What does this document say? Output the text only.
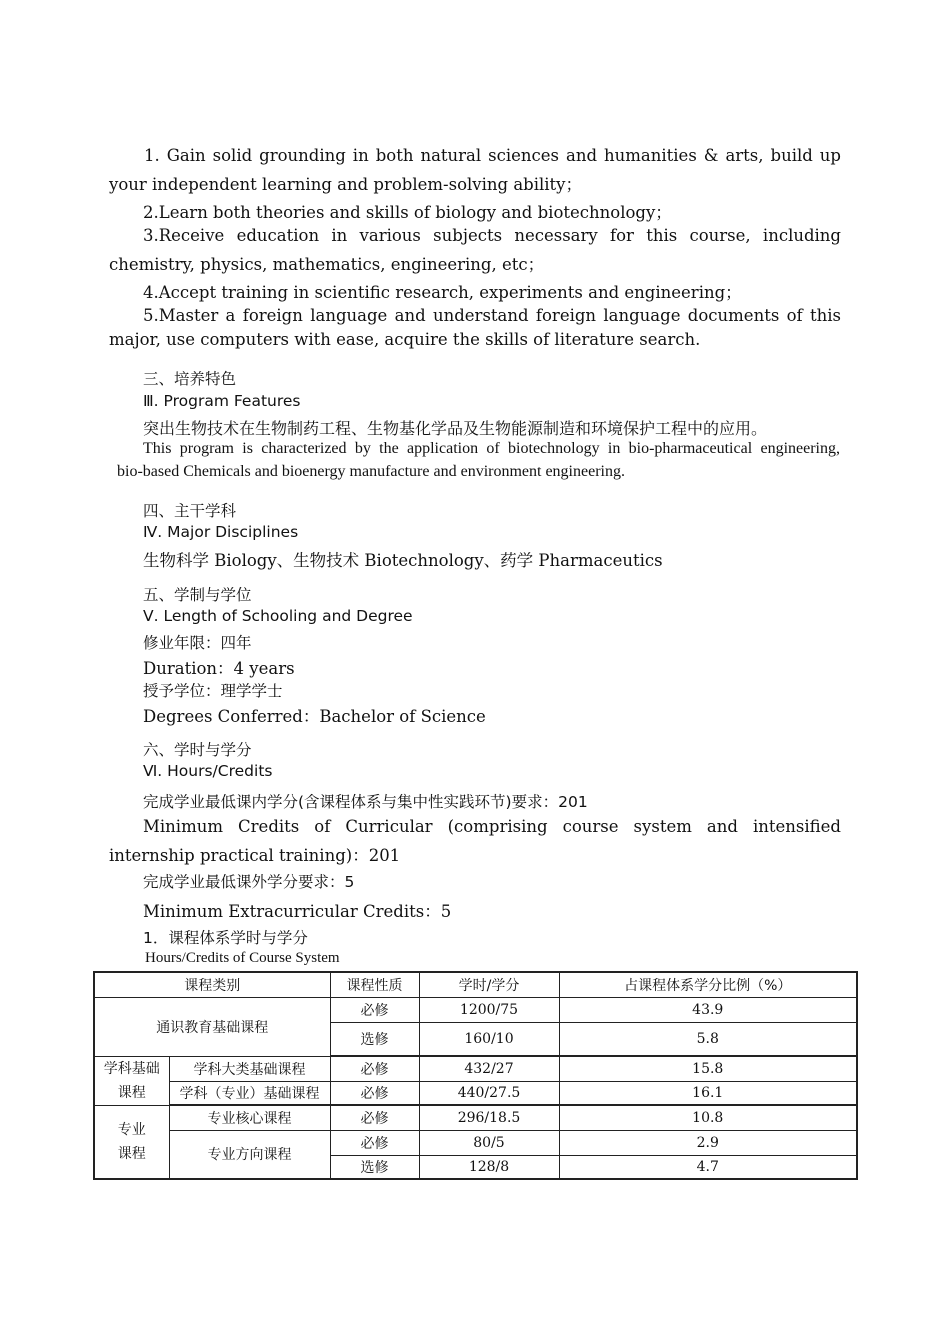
1. Gain solid grounding in both natural sciences and humanities & arts, build up
your independent learning and problem-solving ability；
2.Learn both theories and skills of biology and biotechnology；
3.Receive education in various subjects necessary for this course, including
chemistry, physics, mathematics, engineering, etc；
4.Accept training in scientific research, experiments and engineering；
5.Master a foreign language and understand foreign language documents of this
major, use computers with ease, acquire the skills of literature search.
三、培养特色
Ⅲ. Program Features
突出生物技术在生物制药工程、生物基化学品及生物能源制造和环境保护工程中的应用。
This program is characterized by the application of biotechnology in bio-pharmaceutical engineering,
bio-based Chemicals and bioenergy manufacture and environment engineering.
四、主干学科
Ⅳ. Major Disciplines
生物科学 Biology、生物技术 Biotechnology、药学 Pharmaceutics
五、学制与学位
Ⅴ. Length of Schooling and Degree
修业年限：四年
Duration：4 years
授予学位：理学学士
Degrees Conferred：Bachelor of Science
六、学时与学分
Ⅵ. Hours/Credits
完成学业最低课内学分(含课程体系与集中性实践环节)要求：201
Minimum Credits of Curricular (comprising course system and intensified
internship practical training)：201
完成学业最低课外学分要求：5
Minimum Extracurricular Credits：5
1．课程体系学时与学分
Hours/Credits of Course System
课程类别		课程性质	学时/学分	占课程体系学分比例（%）
通识教育基础课程		必修	1200/75	43.9
		选修	160/10	5.8
学科基础
课程	学科大类基础课程	必修	432/27	15.8
	学科（专业）基础课程	必修	440/27.5	16.1
专业课程	专业核心课程	必修	296/18.5	10.8
	专业方向课程	必修	80/5	2.9
		选修	128/8	4.7
